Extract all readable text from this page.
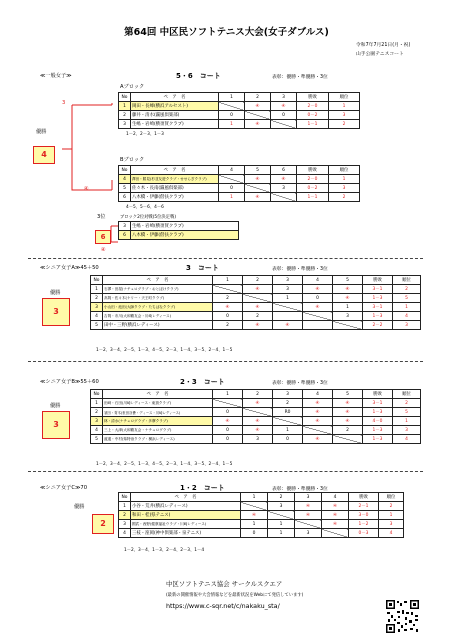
第64回 中区民ソフトテニス大会(女子ダブルス)
令和7年7月21日(月・祝)
山手公園テニスコート
≪一般女子≫	5・6　コート	表彰：優勝・準優勝・3位
Aブロック
3
優勝
4
④
No	ペ　ア　名	1	2	3	勝敗	順位
1	岡田・長峰(横浜アルセスト)		④	④	2－0	1
2	藤井・清水(瀛風倶楽部)	0		0	0－2	3
3	生嶋・岩崎(横須賀クラブ)	1	④		1－1	2
1－2、2－3、1－3
Bブロック
No	ペ　ア　名	4	5	6	勝敗	順位
4	澤田・勝見(杉並友遊クラブ・せせらぎクラブ)		④	④	2－0	1
5	佐々木・長南(瀛風倶楽部)	0		3	0－2	3
6	八木橋・伊藤(偕扶クラブ)	1	④		1－1	2
4－5、5－6、4－6
3位	ブロック2位対戦(5位決定戦)
6
④
3	生嶋・岩崎(横須賀クラブ)
6	八木橋・伊藤(偕扶クラブ)
≪シニア女子A≫45＋50	3　コート	表彰：優勝・準優勝・3位
優勝
3
No	ペ　ア　名	1	2	3	4	5	勝敗	順位
1	石澤・田屋(ナチュログラブ・おとぼけクラブ)		④	3	④	④	3－1	2
2	高岡・佐々木(ケリー・天王町クラブ)	2		1	0	④	1－3	5
3	小山田・池田(大師クラブ・たちばなクラブ)	④	④		④	1	3－1	1
4	吉岡・市川(大和鶴友会・川崎レディース)	0	2			3	1－3	4
5	田中・三野(横浜レディース)	2	④	④			2－2	3
1－2、3－4、2－5、1－3、4－5、2－3、1－4、3－5、2－4、1－5
≪シニア女子B≫55＋60	2・3　コート	表彰：優勝・準優勝・3位
優勝
3
No	ペ　ア　名	1	2	3	4	5	勝敗	順位
1	田﨑・石田(川崎レディース・東頂クラブ)		④	2	④	④	3－1	2
2	須田・青木(世田谷蒼・ディース・川崎レディース)	0		R0	④	④	1－3	5
3	林・清水(ナチュログラブ・多摩クラブ)	④	④		④	④	4－0	1
4	三上・大津(大和鶴友会・ナチュログラブ)	0	④	1		2	1－3	3
5	渡邊・中村(県特治クラブ・横浜レディース)	0	3	0	④		1－3	4
1－2、3－4、2－5、1－3、4－5、2－3、1－4、3－5、2－4、1－5
≪シニア女子C≫70	1・2　コート	表彰：優勝・準優勝・3位
優勝
2
No	ペ　ア　名	1	2	3	4	勝敗	順位
1	小谷・荒井(横浜レディース)		3	④	④	2－1	2
2	和田・桂(県テニス)	④		④	④	3－0	1
3	國武・西野(健康福祉ウラブ・川崎レディース)	1	1		④	1－2	3
4	三枝・窪岡(神中俱楽部・泉テニス)	0	1	3		0－3	4
1－2、3－4、1－3、2－4、2－3、1－4
中区ソフトテニス協会 サークルスクエア
(最新の開催情報や大会情報などを最新状況をWebにて発信しています)
https://www.c-sqr.net/c/nakaku_sta/
